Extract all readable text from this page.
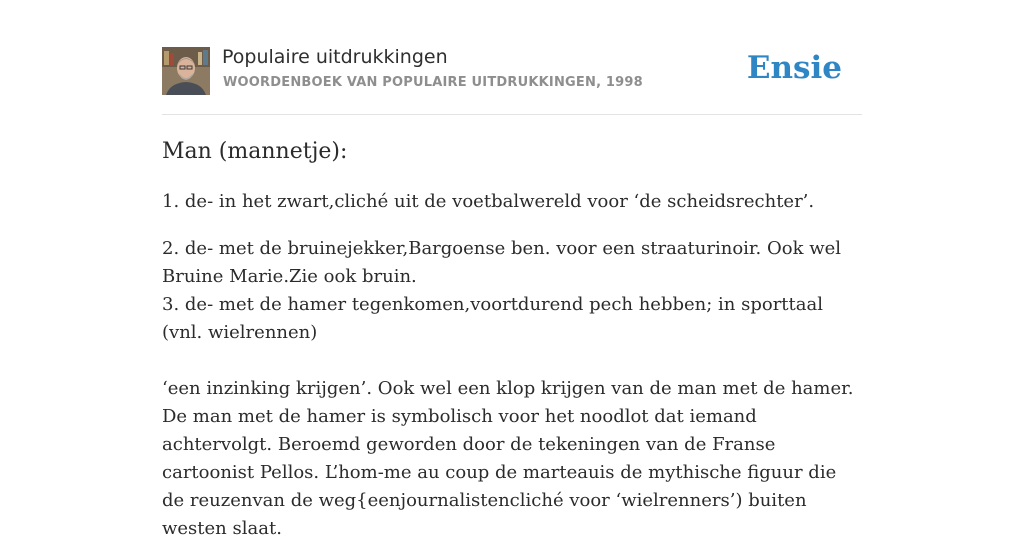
Populaire uitdrukkingen
WOORDENBOEK VAN POPULAIRE UITDRUKKINGEN, 1998	Ensie
Man (mannetje):

1. de- in het zwart,cliché uit de voetbalwereld voor ‘de scheidsrechter’.

2. de- met de bruinejekker,Bargoense ben. voor een straaturinoir. Ook wel Bruine Marie.Zie ook bruin.

3. de- met de hamer tegenkomen,voortdurend pech hebben; in sporttaal (vnl. wielrennen)

‘een inzinking krijgen’. Ook wel een klop krijgen van de man met de hamer. De man met de hamer is symbolisch voor het noodlot dat iemand achtervolgt. Beroemd geworden door de tekeningen van de Franse cartoonist Pellos. L’hom-me au coup de marteauis de mythische figuur die de reuzenvan de weg{eenjournalistencliché voor ‘wielrenners’) buiten westen slaat.
